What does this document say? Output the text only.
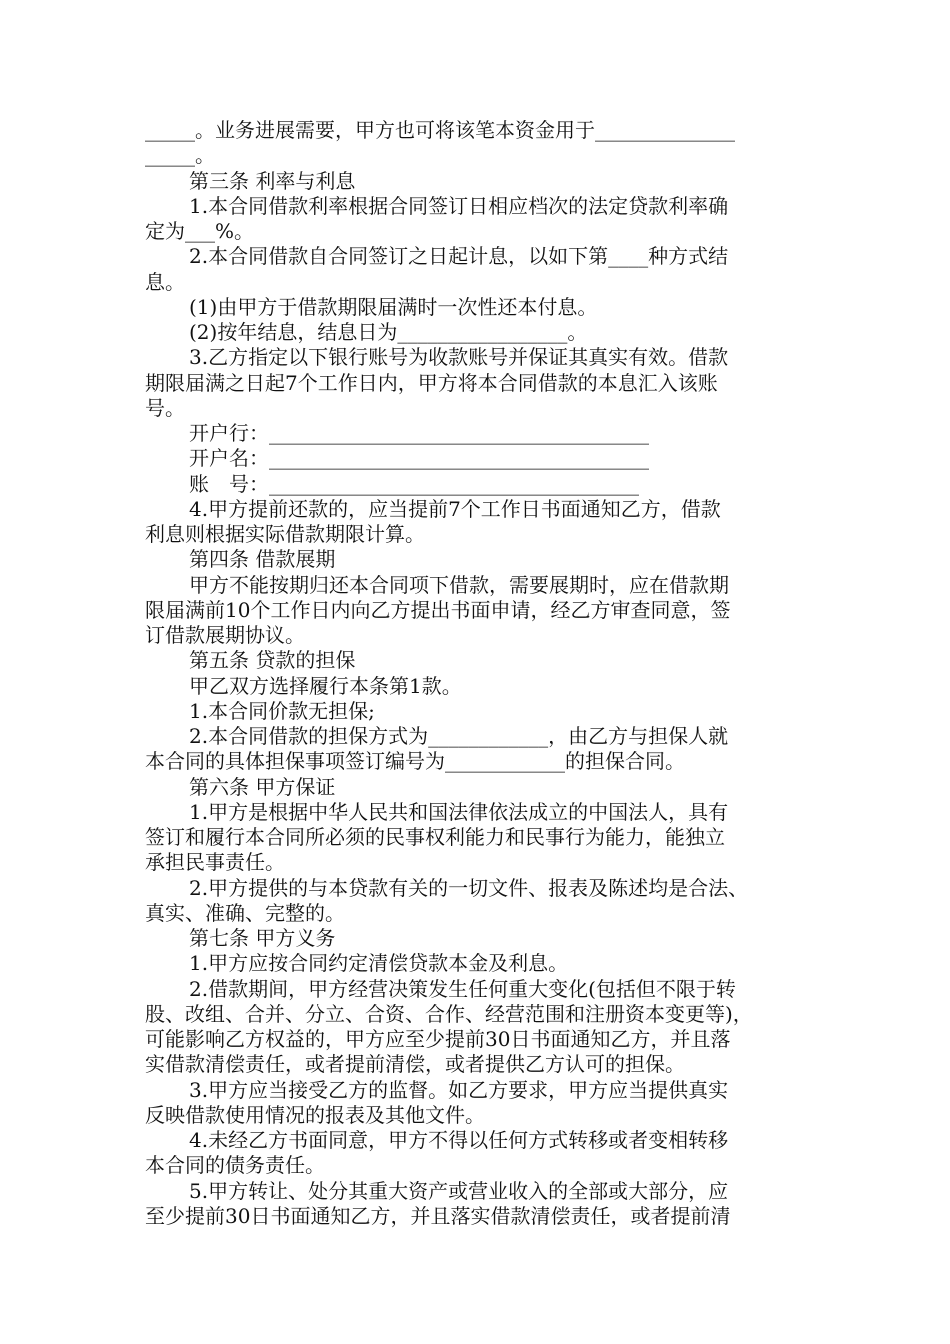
_____。业务进展需要，甲方也可将该笔本资金用于______________
_____。
第三条 利率与利息
1.本合同借款利率根据合同签订日相应档次的法定贷款利率确
定为___%。
2.本合同借款自合同签订之日起计息，以如下第____种方式结
息。
(1)由甲方于借款期限届满时一次性还本付息。
(2)按年结息，结息日为_________________。
3.乙方指定以下银行账号为收款账号并保证其真实有效。借款
期限届满之日起7个工作日内，甲方将本合同借款的本息汇入该账
号。
开户行：______________________________________
开户名：______________________________________
账　号：_____________________________________
4.甲方提前还款的，应当提前7个工作日书面通知乙方，借款
利息则根据实际借款期限计算。
第四条 借款展期
甲方不能按期归还本合同项下借款，需要展期时，应在借款期
限届满前10个工作日内向乙方提出书面申请，经乙方审查同意，签
订借款展期协议。
第五条 贷款的担保
甲乙双方选择履行本条第1款。
1.本合同价款无担保;
2.本合同借款的担保方式为____________，由乙方与担保人就
本合同的具体担保事项签订编号为____________的担保合同。
第六条 甲方保证
1.甲方是根据中华人民共和国法律依法成立的中国法人，具有
签订和履行本合同所必须的民事权利能力和民事行为能力，能独立
承担民事责任。
2.甲方提供的与本贷款有关的一切文件、报表及陈述均是合法、
真实、准确、完整的。
第七条 甲方义务
1.甲方应按合同约定清偿贷款本金及利息。
2.借款期间，甲方经营决策发生任何重大变化(包括但不限于转
股、改组、合并、分立、合资、合作、经营范围和注册资本变更等)，
可能影响乙方权益的，甲方应至少提前30日书面通知乙方，并且落
实借款清偿责任，或者提前清偿，或者提供乙方认可的担保。
3.甲方应当接受乙方的监督。如乙方要求，甲方应当提供真实
反映借款使用情况的报表及其他文件。
4.未经乙方书面同意，甲方不得以任何方式转移或者变相转移
本合同的债务责任。
5.甲方转让、处分其重大资产或营业收入的全部或大部分，应
至少提前30日书面通知乙方，并且落实借款清偿责任，或者提前清
